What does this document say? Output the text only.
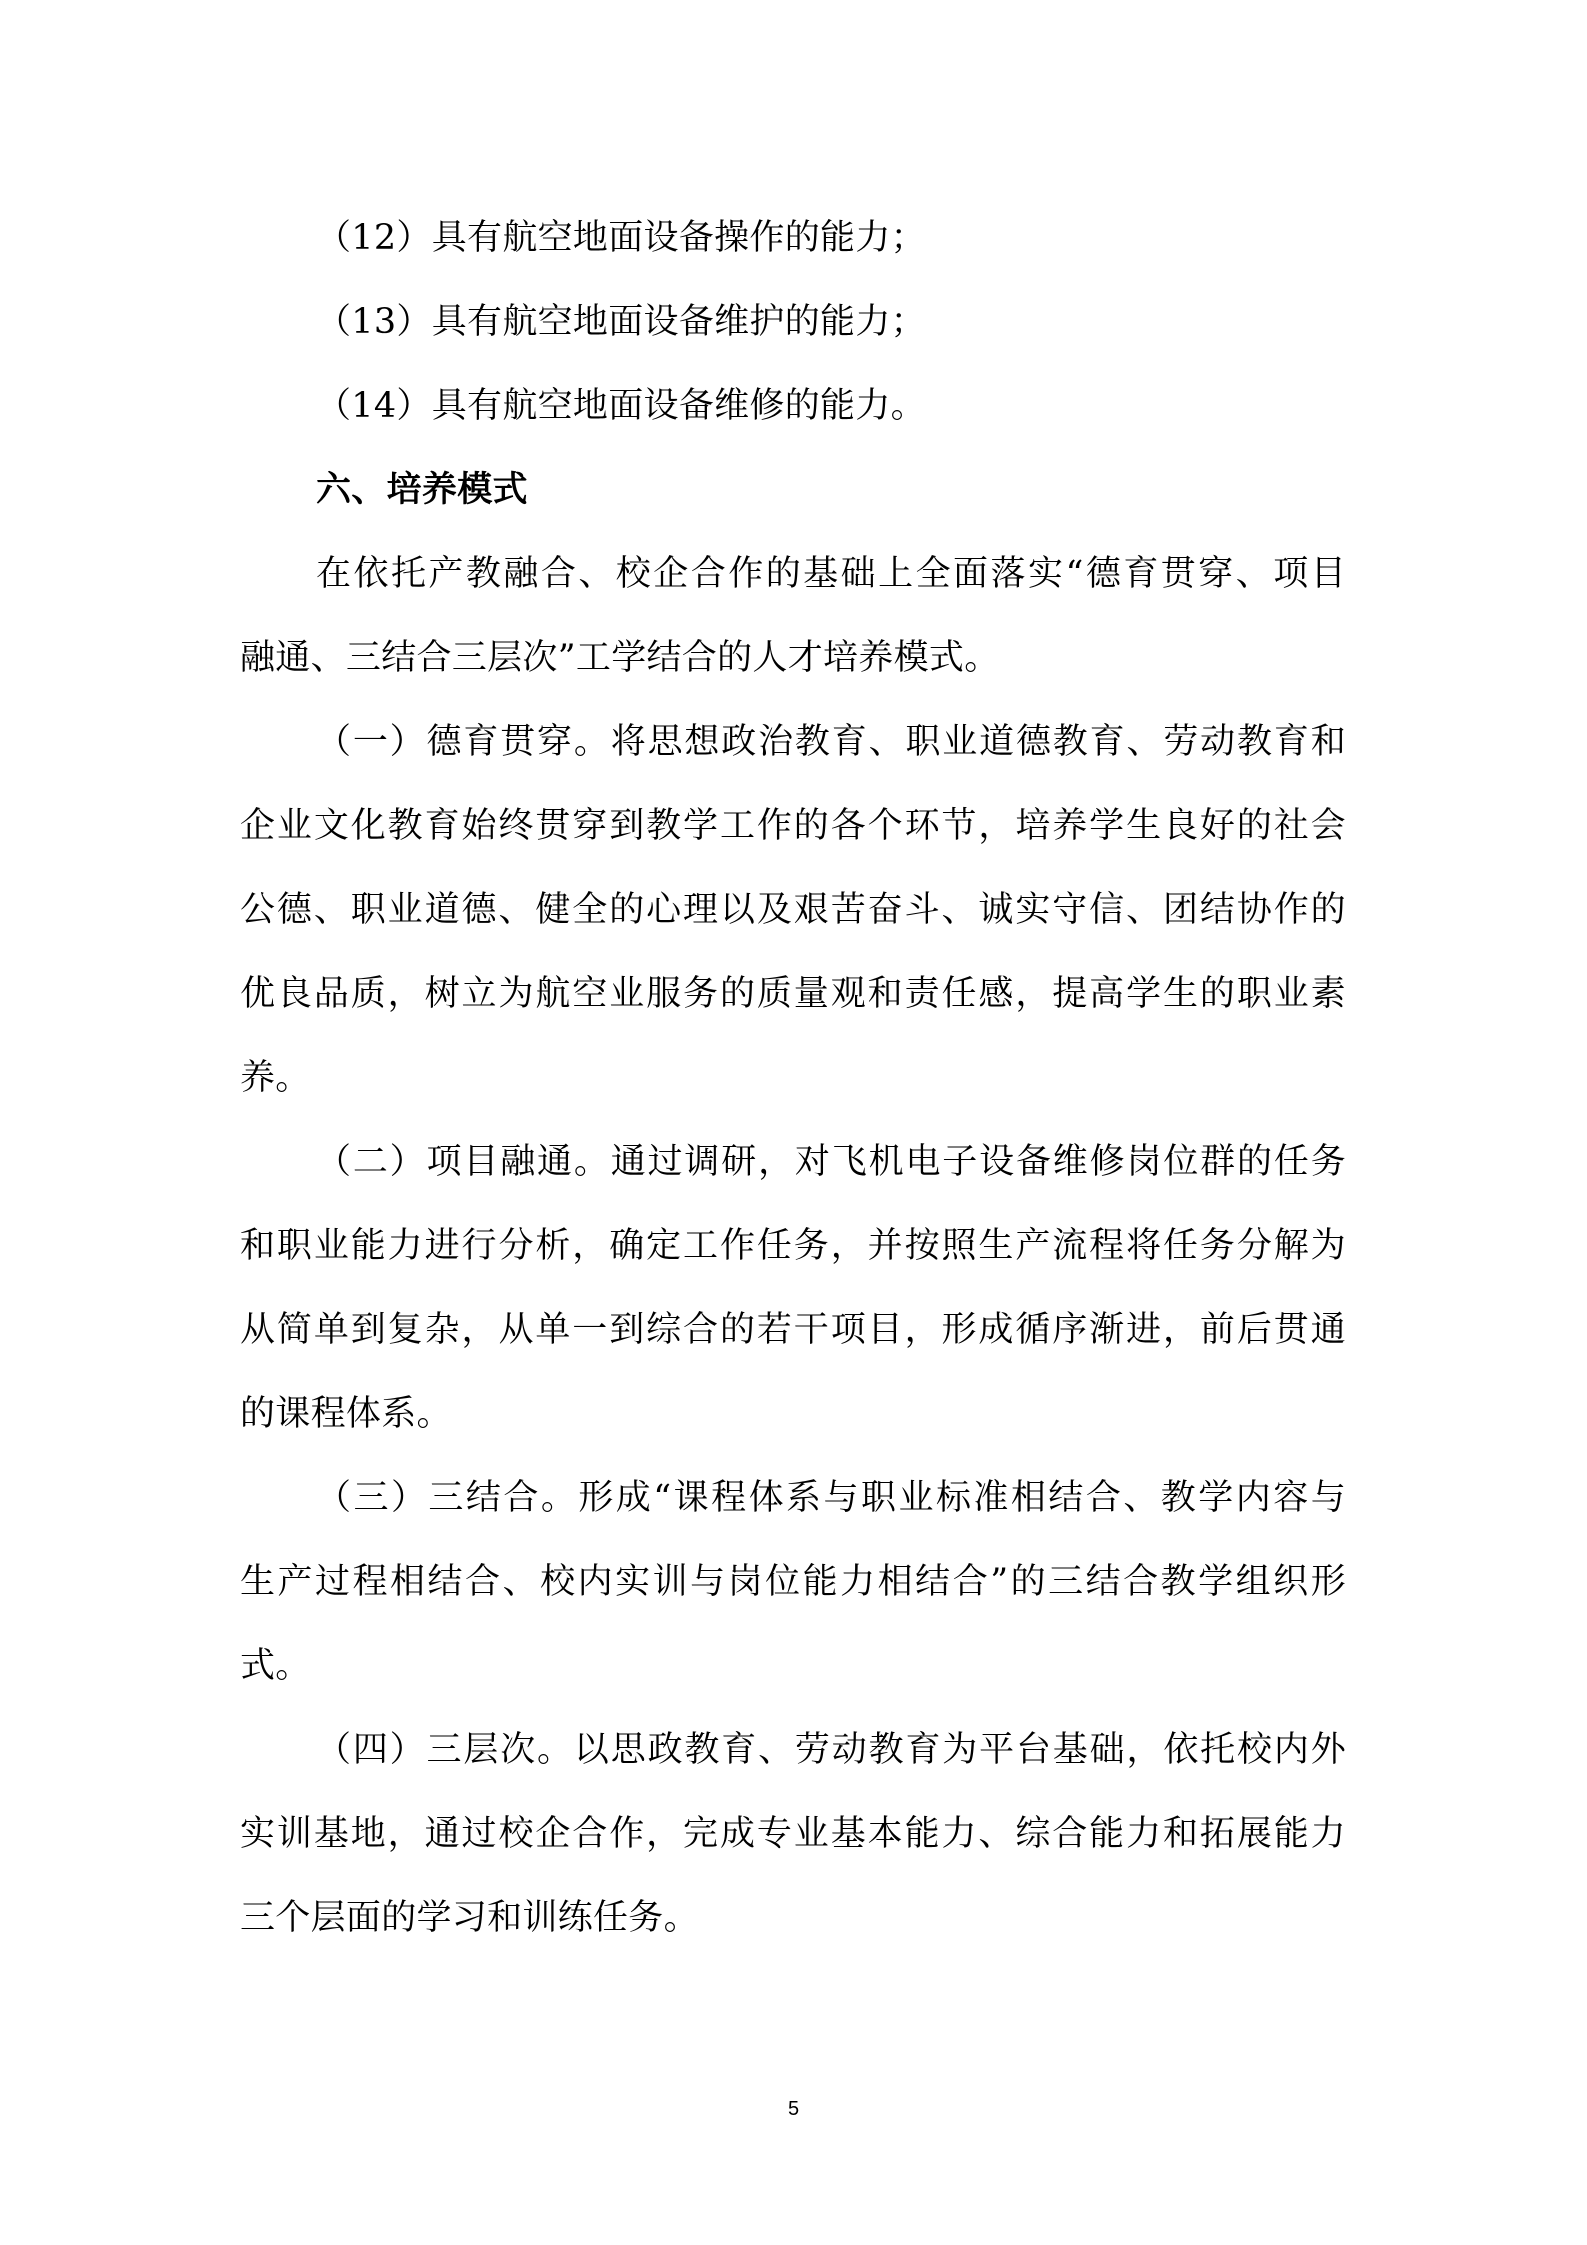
（12）具有航空地面设备操作的能力；
（13）具有航空地面设备维护的能力；
（14）具有航空地面设备维修的能力。
六、培养模式
在依托产教融合、校企合作的基础上全面落实“德育贯穿、项目
融通、三结合三层次”工学结合的人才培养模式。
（一）德育贯穿。将思想政治教育、职业道德教育、劳动教育和
企业文化教育始终贯穿到教学工作的各个环节，培养学生良好的社会
公德、职业道德、健全的心理以及艰苦奋斗、诚实守信、团结协作的
优良品质，树立为航空业服务的质量观和责任感，提高学生的职业素
养。
（二）项目融通。通过调研，对飞机电子设备维修岗位群的任务
和职业能力进行分析，确定工作任务，并按照生产流程将任务分解为
从简单到复杂，从单一到综合的若干项目，形成循序渐进，前后贯通
的课程体系。
（三）三结合。形成“课程体系与职业标准相结合、教学内容与
生产过程相结合、校内实训与岗位能力相结合”的三结合教学组织形
式。
（四）三层次。以思政教育、劳动教育为平台基础，依托校内外
实训基地，通过校企合作，完成专业基本能力、综合能力和拓展能力
三个层面的学习和训练任务。
5
